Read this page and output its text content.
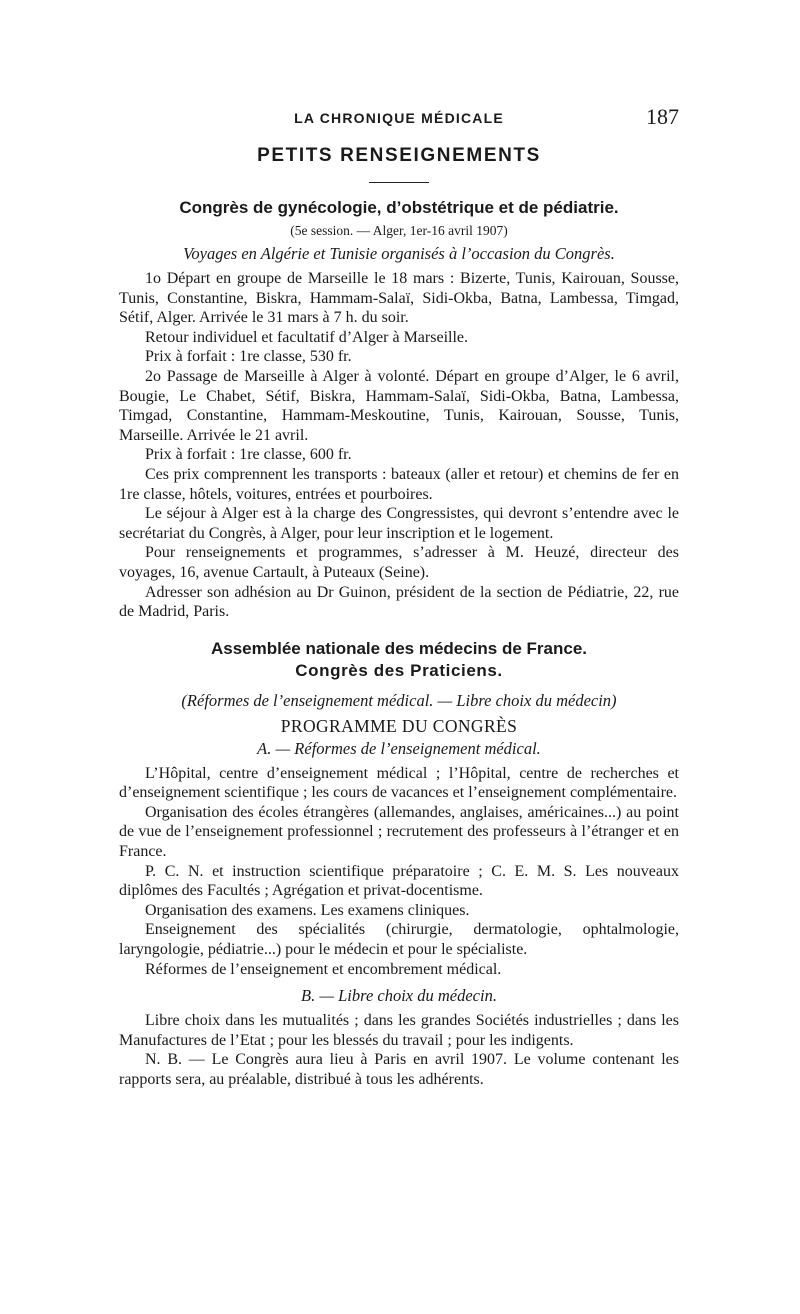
LA CHRONIQUE MÉDICALE	187
PETITS RENSEIGNEMENTS
Congrès de gynécologie, d’obstétrique et de pédiatrie.
(5e session. — Alger, 1er-16 avril 1907)
Voyages en Algérie et Tunisie organisés à l’occasion du Congrès.

1o Départ en groupe de Marseille le 18 mars : Bizerte, Tunis, Kairouan, Sousse, Tunis, Constantine, Biskra, Hammam-Salaï, Sidi-Okba, Batna, Lambessa, Timgad, Sétif, Alger. Arrivée le 31 mars à 7 h. du soir.

Retour individuel et facultatif d’Alger à Marseille.

Prix à forfait : 1re classe, 530 fr.

2o Passage de Marseille à Alger à volonté. Départ en groupe d’Alger, le 6 avril, Bougie, Le Chabet, Sétif, Biskra, Hammam-Salaï, Sidi-Okba, Batna, Lambessa, Timgad, Constantine, Hammam-Meskoutine, Tunis, Kairouan, Sousse, Tunis, Marseille. Arrivée le 21 avril.

Prix à forfait : 1re classe, 600 fr.

Ces prix comprennent les transports : bateaux (aller et retour) et chemins de fer en 1re classe, hôtels, voitures, entrées et pourboires.

Le séjour à Alger est à la charge des Congressistes, qui devront s’entendre avec le secrétariat du Congrès, à Alger, pour leur inscription et le logement.

Pour renseignements et programmes, s’adresser à M. Heuzé, directeur des voyages, 16, avenue Cartault, à Puteaux (Seine).

Adresser son adhésion au Dr Guinon, président de la section de Pédiatrie, 22, rue de Madrid, Paris.

Assemblée nationale des médecins de France.
Congrès des Praticiens.
(Réformes de l’enseignement médical. — Libre choix du médecin)
PROGRAMME DU CONGRÈS
A. — Réformes de l’enseignement médical.

L’Hôpital, centre d’enseignement médical ; l’Hôpital, centre de recherches et d’enseignement scientifique ; les cours de vacances et l’enseignement complémentaire.

Organisation des écoles étrangères (allemandes, anglaises, américaines...) au point de vue de l’enseignement professionnel ; recrutement des professeurs à l’étranger et en France.

P. C. N. et instruction scientifique préparatoire ; C. E. M. S. Les nouveaux diplômes des Facultés ; Agrégation et privat-docentisme.

Organisation des examens. Les examens cliniques.

Enseignement des spécialités (chirurgie, dermatologie, ophtalmologie, laryngologie, pédiatrie...) pour le médecin et pour le spécialiste.

Réformes de l’enseignement et encombrement médical.

B. — Libre choix du médecin.

Libre choix dans les mutualités ; dans les grandes Sociétés industrielles ; dans les Manufactures de l’Etat ; pour les blessés du travail ; pour les indigents.

N. B. — Le Congrès aura lieu à Paris en avril 1907. Le volume contenant les rapports sera, au préalable, distribué à tous les adhérents.
